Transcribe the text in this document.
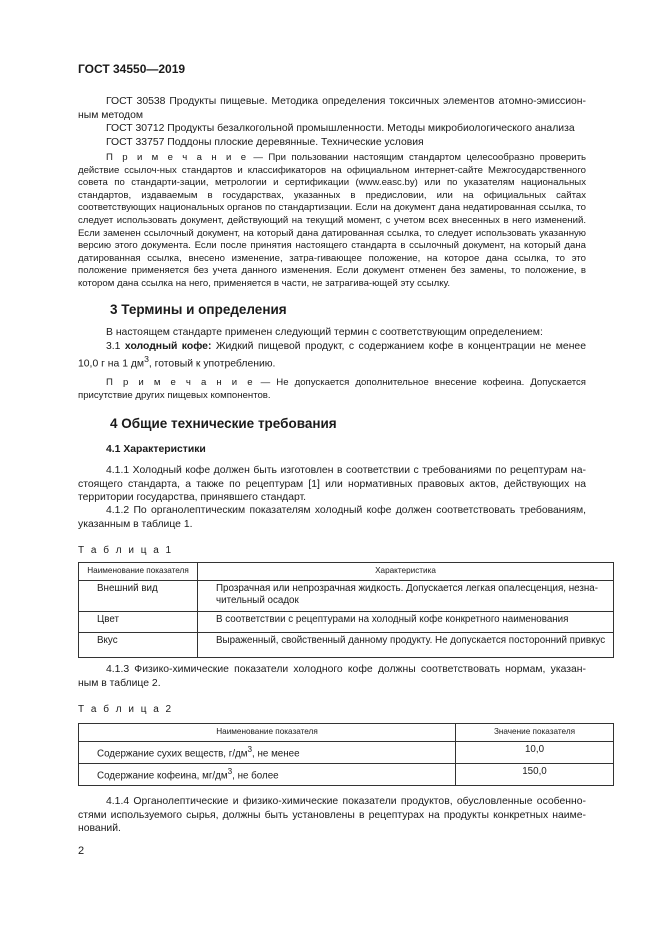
ГОСТ 34550—2019
ГОСТ 30538 Продукты пищевые. Методика определения токсичных элементов атомно-эмиссион-ным методом
ГОСТ 30712 Продукты безалкогольной промышленности. Методы микробиологического анализа
ГОСТ 33757 Поддоны плоские деревянные. Технические условия
П р и м е ч а н и е — При пользовании настоящим стандартом целесообразно проверить действие ссылоч-ных стандартов и классификаторов на официальном интернет-сайте Межгосударственного совета по стандарти-зации, метрологии и сертификации (www.easc.by) или по указателям национальных стандартов, издаваемым в государствах, указанных в предисловии, или на официальных сайтах соответствующих национальных органов по стандартизации. Если на документ дана недатированная ссылка, то следует использовать документ, действующий на текущий момент, с учетом всех внесенных в него изменений. Если заменен ссылочный документ, на который дана датированная ссылка, то следует использовать указанную версию этого документа. Если после принятия настоящего стандарта в ссылочный документ, на который дана датированная ссылка, внесено изменение, затра-гивающее положение, на которое дана ссылка, то это положение применяется без учета данного изменения. Если документ отменен без замены, то положение, в котором дана ссылка на него, применяется в части, не затрагива-ющей эту ссылку.
3 Термины и определения
В настоящем стандарте применен следующий термин с соответствующим определением:
3.1 холодный кофе: Жидкий пищевой продукт, с содержанием кофе в концентрации не менее 10,0 г на 1 $дм^3$, готовый к употреблению.
П р и м е ч а н и е — Не допускается дополнительное внесение кофеина. Допускается присутствие других пищевых компонентов.
4 Общие технические требования
4.1 Характеристики
4.1.1 Холодный кофе должен быть изготовлен в соответствии с требованиями по рецептурам на-стоящего стандарта, а также по рецептурам [1] или нормативных правовых актов, действующих на территории государства, принявшего стандарт.
4.1.2 По органолептическим показателям холодный кофе должен соответствовать требованиям, указанным в таблице 1.
Т а б л и ц а 1
Наименование показателя	Характеристика
Внешний вид	Прозрачная или непрозрачная жидкость. Допускается легкая опалесценция, незна-чительный осадок
Цвет	В соответствии с рецептурами на холодный кофе конкретного наименования
Вкус	Выраженный, свойственный данному продукту. Не допускается посторонний привкус
4.1.3 Физико-химические показатели холодного кофе должны соответствовать нормам, указан-ным в таблице 2.
Т а б л и ц а 2
Наименование показателя	Значение показателя
Содержание сухих веществ, $г/дм^3$, не менее	10,0
Содержание кофеина, $мг/дм^3$, не более	150,0
4.1.4 Органолептические и физико-химические показатели продуктов, обусловленные особенно-стями используемого сырья, должны быть установлены в рецептурах на продукты конкретных наиме-нований.
2
